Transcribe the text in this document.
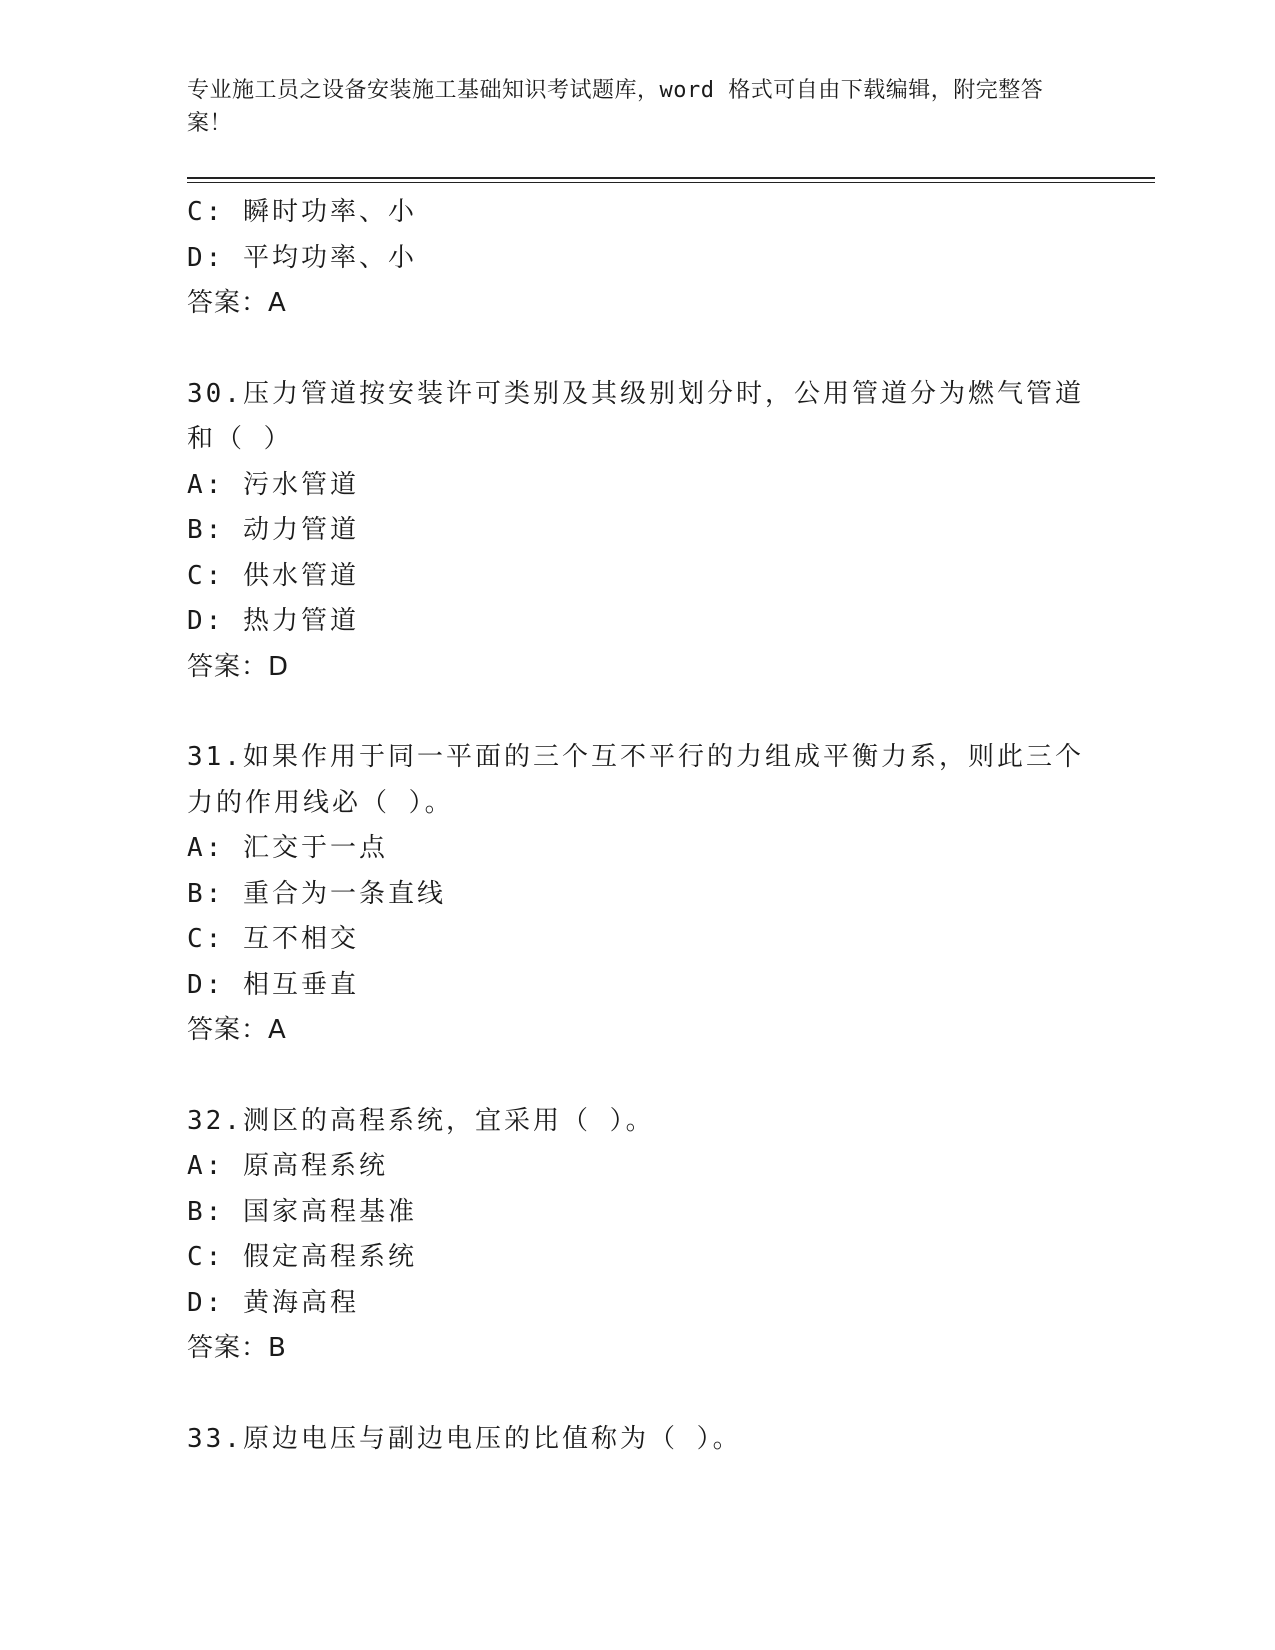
专业施工员之设备安装施工基础知识考试题库，word 格式可自由下载编辑，附完整答案！
C: 瞬时功率、小
D: 平均功率、小
答案：A
30.压力管道按安装许可类别及其级别划分时，公用管道分为燃气管道
和（ ）
A: 污水管道
B: 动力管道
C: 供水管道
D: 热力管道
答案：D
31.如果作用于同一平面的三个互不平行的力组成平衡力系，则此三个
力的作用线必（ ）。
A: 汇交于一点
B: 重合为一条直线
C: 互不相交
D: 相互垂直
答案：A
32.测区的高程系统，宜采用（ ）。
A: 原高程系统
B: 国家高程基准
C: 假定高程系统
D: 黄海高程
答案：B
33.原边电压与副边电压的比值称为（ ）。
